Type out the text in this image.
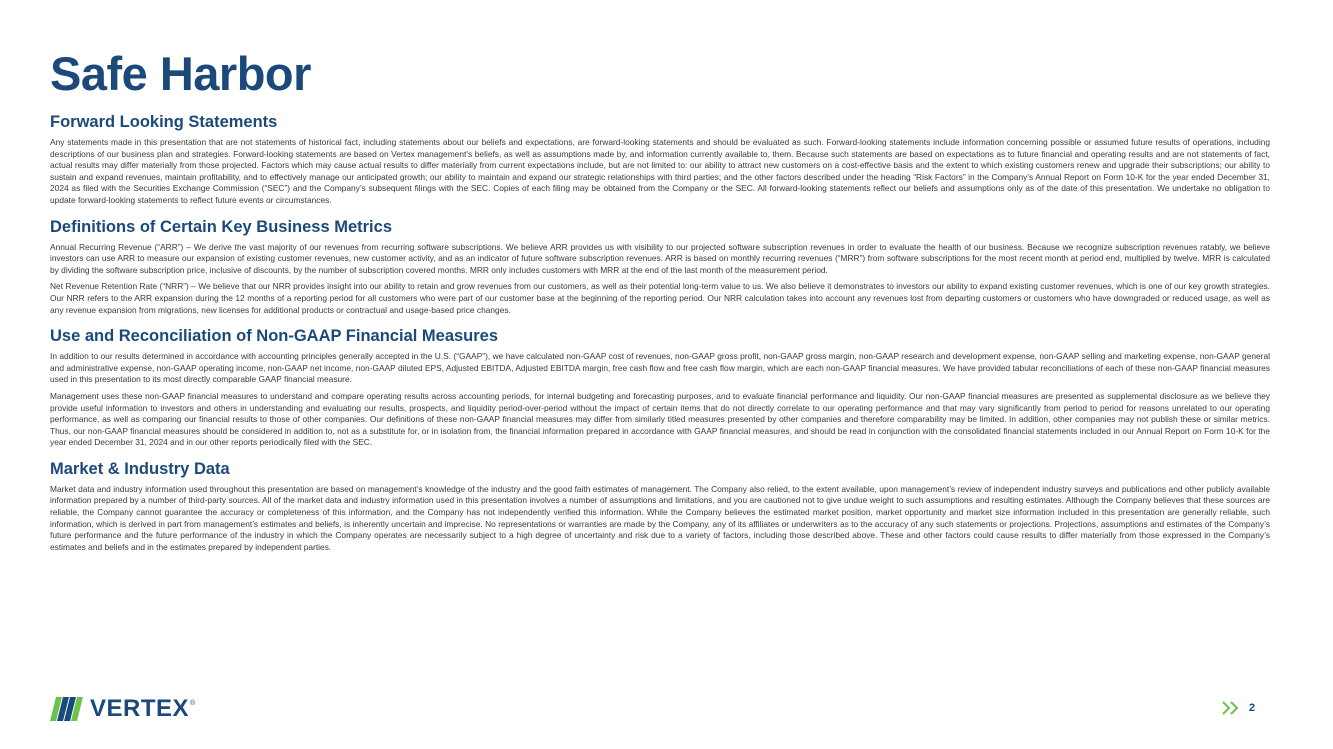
Safe Harbor
Forward Looking Statements

Any statements made in this presentation that are not statements of historical fact, including statements about our beliefs and expectations, are forward-looking statements and should be evaluated as such. Forward-looking statements include information concerning possible or assumed future results of operations, including descriptions of our business plan and strategies. Forward-looking statements are based on Vertex management’s beliefs, as well as assumptions made by, and information currently available to, them. Because such statements are based on expectations as to future financial and operating results and are not statements of fact, actual results may differ materially from those projected. Factors which may cause actual results to differ materially from current expectations include, but are not limited to: our ability to attract new customers on a cost-effective basis and the extent to which existing customers renew and upgrade their subscriptions; our ability to sustain and expand revenues, maintain profitability, and to effectively manage our anticipated growth; our ability to maintain and expand our strategic relationships with third parties; and the other factors described under the heading “Risk Factors” in the Company’s Annual Report on Form 10-K for the year ended December 31, 2024 as filed with the Securities Exchange Commission (“SEC”) and the Company’s subsequent filings with the SEC. Copies of each filing may be obtained from the Company or the SEC. All forward-looking statements reflect our beliefs and assumptions only as of the date of this presentation. We undertake no obligation to update forward-looking statements to reflect future events or circumstances.

Definitions of Certain Key Business Metrics

Annual Recurring Revenue (“ARR”) – We derive the vast majority of our revenues from recurring software subscriptions. We believe ARR provides us with visibility to our projected software subscription revenues in order to evaluate the health of our business. Because we recognize subscription revenues ratably, we believe investors can use ARR to measure our expansion of existing customer revenues, new customer activity, and as an indicator of future software subscription revenues. ARR is based on monthly recurring revenues (“MRR”) from software subscriptions for the most recent month at period end, multiplied by twelve. MRR is calculated by dividing the software subscription price, inclusive of discounts, by the number of subscription covered months. MRR only includes customers with MRR at the end of the last month of the measurement period.

Net Revenue Retention Rate (“NRR”) – We believe that our NRR provides insight into our ability to retain and grow revenues from our customers, as well as their potential long-term value to us. We also believe it demonstrates to investors our ability to expand existing customer revenues, which is one of our key growth strategies. Our NRR refers to the ARR expansion during the 12 months of a reporting period for all customers who were part of our customer base at the beginning of the reporting period. Our NRR calculation takes into account any revenues lost from departing customers or customers who have downgraded or reduced usage, as well as any revenue expansion from migrations, new licenses for additional products or contractual and usage-based price changes.

Use and Reconciliation of Non-GAAP Financial Measures

In addition to our results determined in accordance with accounting principles generally accepted in the U.S. (“GAAP”), we have calculated non-GAAP cost of revenues, non-GAAP gross profit, non-GAAP gross margin, non-GAAP research and development expense, non-GAAP selling and marketing expense, non-GAAP general and administrative expense, non-GAAP operating income, non-GAAP net income, non-GAAP diluted EPS, Adjusted EBITDA, Adjusted EBITDA margin, free cash flow and free cash flow margin, which are each non-GAAP financial measures. We have provided tabular reconciliations of each of these non-GAAP financial measures used in this presentation to its most directly comparable GAAP financial measure.

Management uses these non-GAAP financial measures to understand and compare operating results across accounting periods, for internal budgeting and forecasting purposes, and to evaluate financial performance and liquidity. Our non-GAAP financial measures are presented as supplemental disclosure as we believe they provide useful information to investors and others in understanding and evaluating our results, prospects, and liquidity period-over-period without the impact of certain items that do not directly correlate to our operating performance and that may vary significantly from period to period for reasons unrelated to our operating performance, as well as comparing our financial results to those of other companies. Our definitions of these non-GAAP financial measures may differ from similarly titled measures presented by other companies and therefore comparability may be limited. In addition, other companies may not publish these or similar metrics. Thus, our non-GAAP financial measures should be considered in addition to, not as a substitute for, or in isolation from, the financial information prepared in accordance with GAAP financial measures, and should be read in conjunction with the consolidated financial statements included in our Annual Report on Form 10-K for the year ended December 31, 2024 and in our other reports periodically filed with the SEC.

Market & Industry Data

Market data and industry information used throughout this presentation are based on management’s knowledge of the industry and the good faith estimates of management. The Company also relied, to the extent available, upon management’s review of independent industry surveys and publications and other publicly available information prepared by a number of third-party sources. All of the market data and industry information used in this presentation involves a number of assumptions and limitations, and you are cautioned not to give undue weight to such assumptions and resulting estimates. Although the Company believes that these sources are reliable, the Company cannot guarantee the accuracy or completeness of this information, and the Company has not independently verified this information. While the Company believes the estimated market position, market opportunity and market size information included in this presentation are generally reliable, such information, which is derived in part from management’s estimates and beliefs, is inherently uncertain and imprecise. No representations or warranties are made by the Company, any of its affiliates or underwriters as to the accuracy of any such statements or projections. Projections, assumptions and estimates of the Company’s future performance and the future performance of the industry in which the Company operates are necessarily subject to a high degree of uncertainty and risk due to a variety of factors, including those described above. These and other factors could cause results to differ materially from those expressed in the Company’s estimates and beliefs and in the estimates prepared by independent parties.

VERTEX ®	2
